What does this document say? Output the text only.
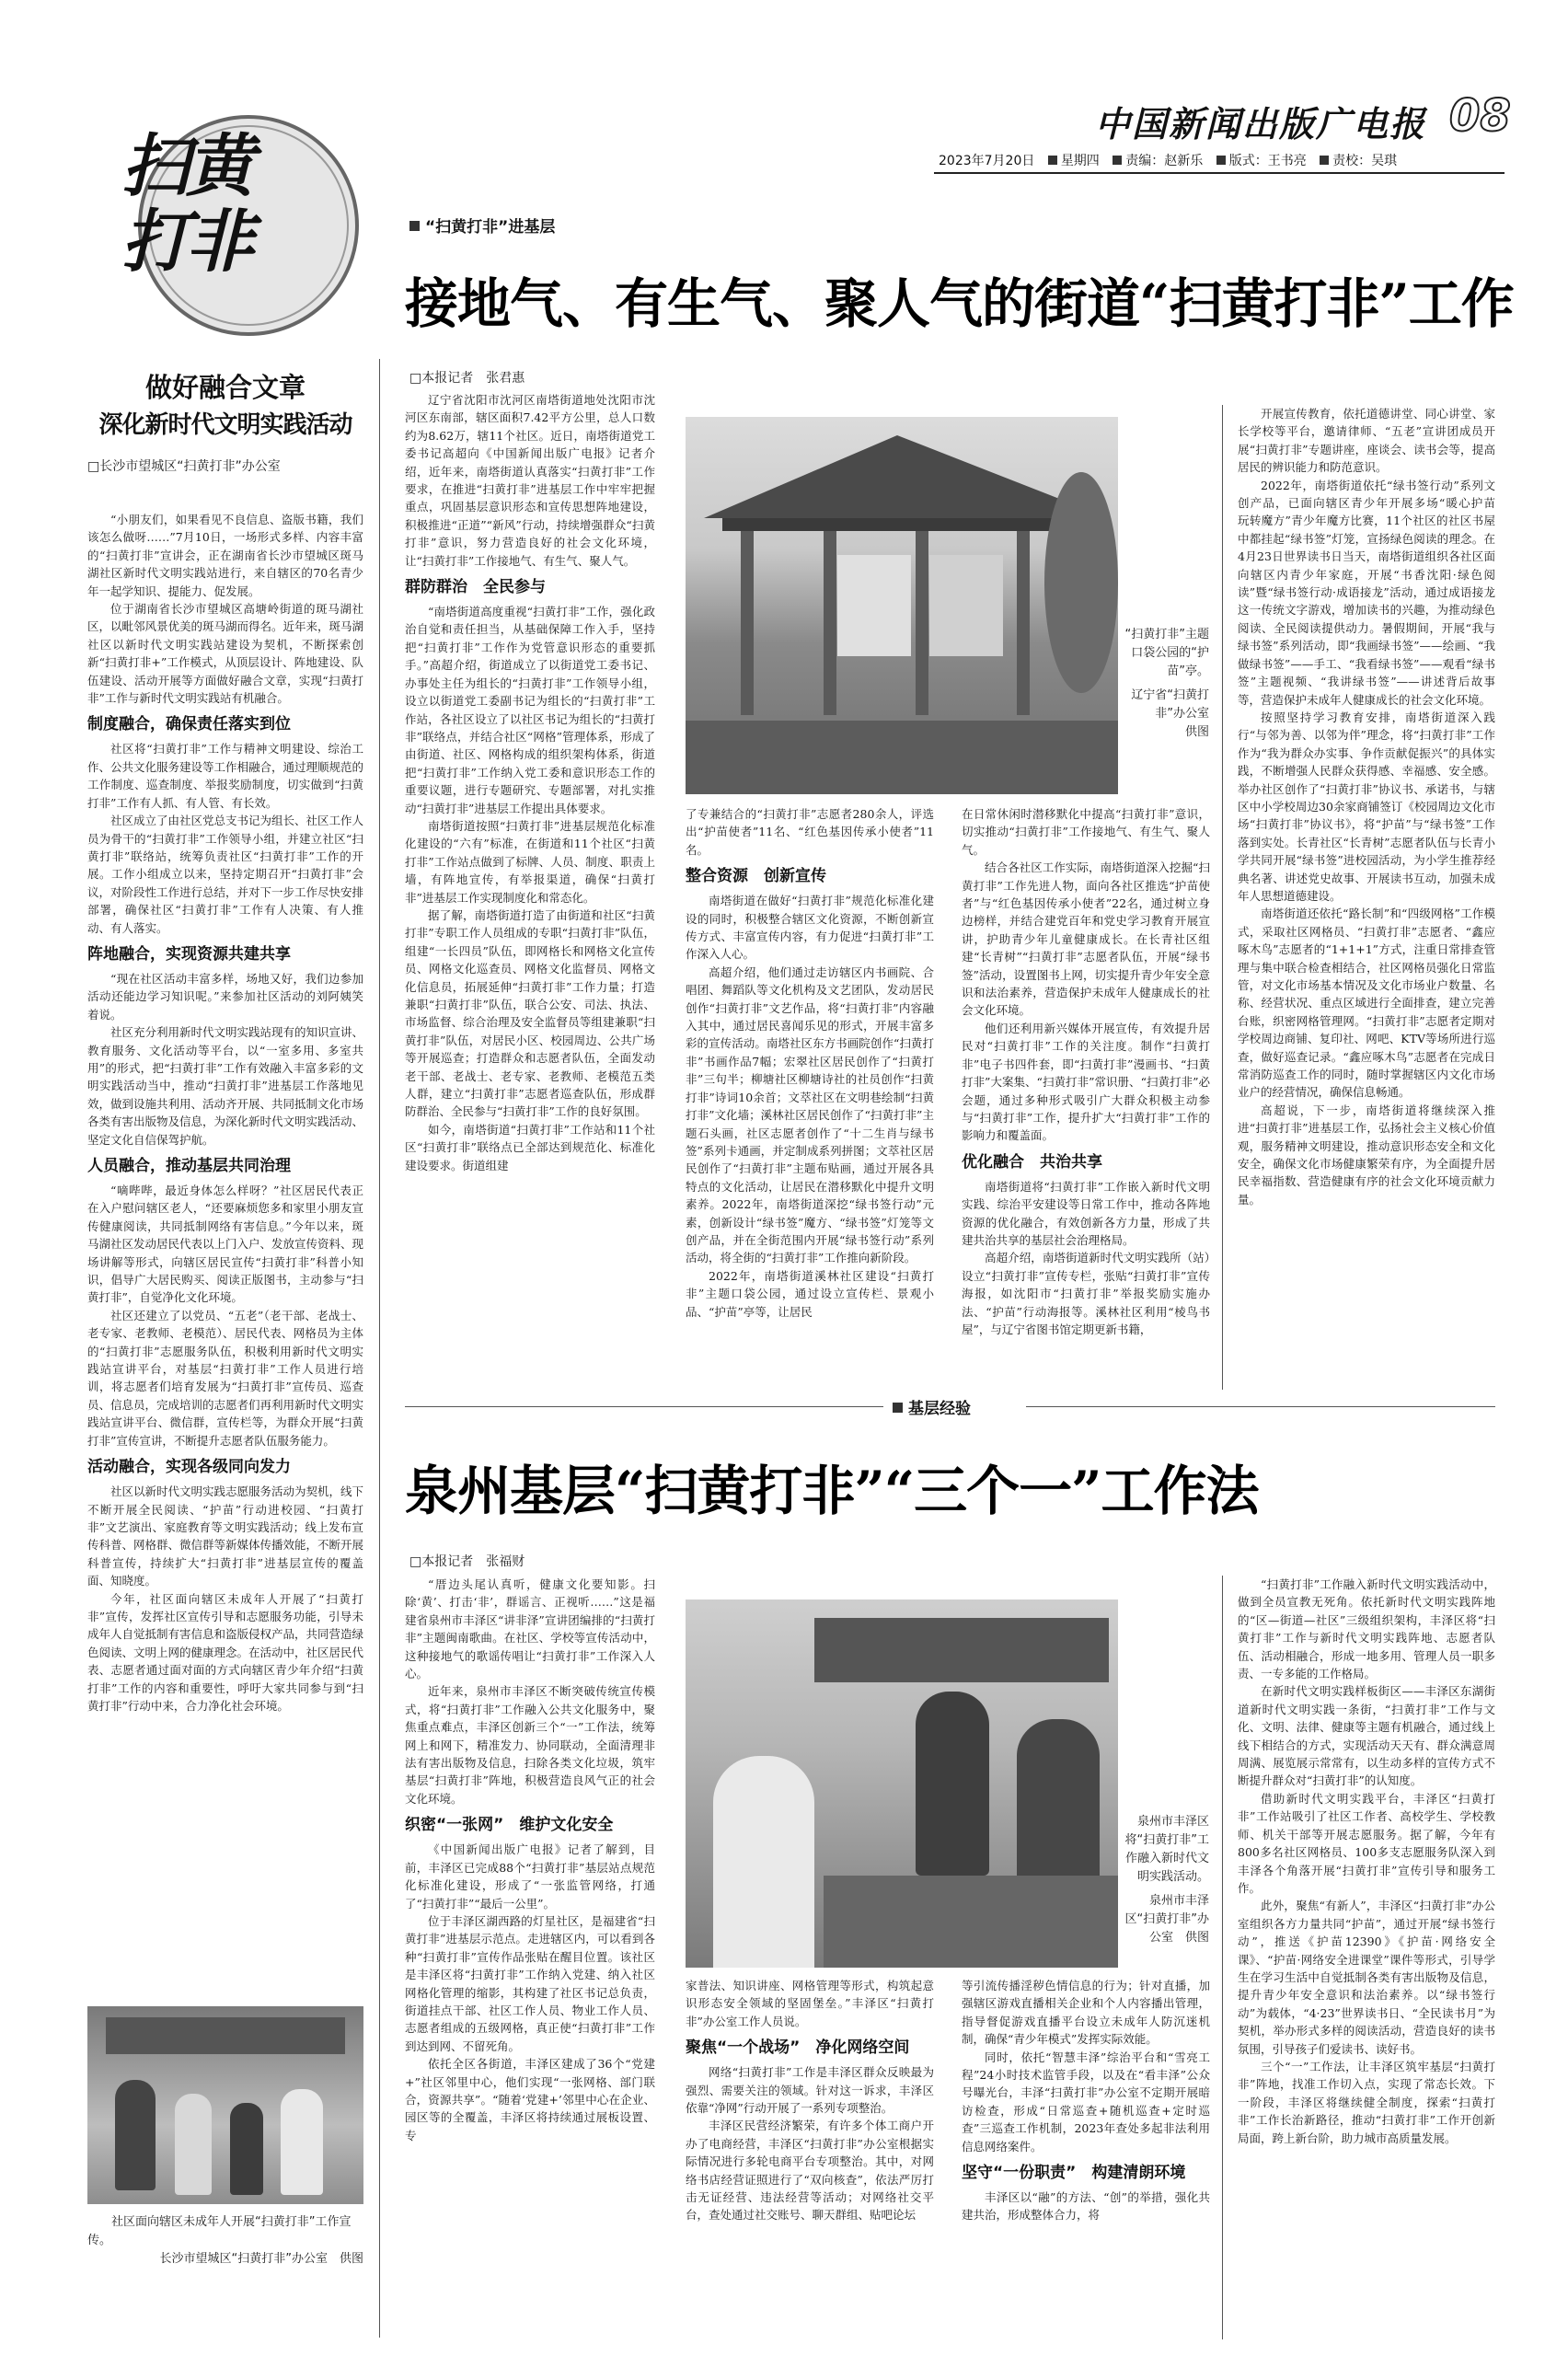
扫黄打非
中国新闻出版广电报 08
2023年7月20日 星期四 责编：赵新乐 版式：王书亮 责校：吴琪
做好融合文章
深化新时代文明实践活动
□长沙市望城区“扫黄打非”办公室

“小朋友们，如果看见不良信息、盗版书籍，我们该怎么做呀……”7月10日，一场形式多样、内容丰富的“扫黄打非”宣讲会，正在湖南省长沙市望城区斑马湖社区新时代文明实践站进行，来自辖区的70名青少年一起学知识、提能力、促发展。

位于湖南省长沙市望城区高塘岭街道的斑马湖社区，以毗邻风景优美的斑马湖而得名。近年来，斑马湖社区以新时代文明实践站建设为契机，不断探索创新“扫黄打非+”工作模式，从顶层设计、阵地建设、队伍建设、活动开展等方面做好融合文章，实现“扫黄打非”工作与新时代文明实践站有机融合。

制度融合，确保责任落实到位

社区将“扫黄打非”工作与精神文明建设、综治工作、公共文化服务建设等工作相融合，通过理顺规范的工作制度、巡查制度、举报奖励制度，切实做到“扫黄打非”工作有人抓、有人管、有长效。

社区成立了由社区党总支书记为组长、社区工作人员为骨干的“扫黄打非”工作领导小组，并建立社区“扫黄打非”联络站，统筹负责社区“扫黄打非”工作的开展。工作小组成立以来，坚持定期召开“扫黄打非”会议，对阶段性工作进行总结，并对下一步工作尽快安排部署，确保社区“扫黄打非”工作有人决策、有人推动、有人落实。

阵地融合，实现资源共建共享

“现在社区活动丰富多样，场地又好，我们边参加活动还能边学习知识呢。”来参加社区活动的刘阿姨笑着说。

社区充分利用新时代文明实践站现有的知识宣讲、教育服务、文化活动等平台，以“一室多用、多室共用”的形式，把“扫黄打非”工作有效融入丰富多彩的文明实践活动当中，推动“扫黄打非”进基层工作落地见效，做到设施共利用、活动齐开展、共同抵制文化市场各类有害出版物及信息，为深化新时代文明实践活动、坚定文化自信保驾护航。

人员融合，推动基层共同治理

“嘀哔哔，最近身体怎么样呀？”社区居民代表正在入户慰问辖区老人，“还要麻烦您多和家里小朋友宣传健康阅读，共同抵制网络有害信息。”今年以来，斑马湖社区发动居民代表以上门入户、发放宣传资料、现场讲解等形式，向辖区居民宣传“扫黄打非”科普小知识，倡导广大居民购买、阅读正版图书，主动参与“扫黄打非”，自觉净化文化环境。

社区还建立了以党员、“五老”（老干部、老战士、老专家、老教师、老模范）、居民代表、网格员为主体的“扫黄打非”志愿服务队伍，积极利用新时代文明实践站宣讲平台，对基层“扫黄打非”工作人员进行培训，将志愿者们培育发展为“扫黄打非”宣传员、巡查员、信息员，完成培训的志愿者们再利用新时代文明实践站宣讲平台、微信群，宣传栏等，为群众开展“扫黄打非”宣传宣讲，不断提升志愿者队伍服务能力。

活动融合，实现各级同向发力

社区以新时代文明实践志愿服务活动为契机，线下不断开展全民阅读、“护苗”行动进校园、“扫黄打非”文艺演出、家庭教育等文明实践活动；线上发布宣传科普、网格群、微信群等新媒体传播效能，不断开展科普宣传，持续扩大“扫黄打非”进基层宣传的覆盖面、知晓度。

今年，社区面向辖区未成年人开展了“扫黄打非”宣传，发挥社区宣传引导和志愿服务功能，引导未成年人自觉抵制有害信息和盗版侵权产品，共同营造绿色阅读、文明上网的健康理念。在活动中，社区居民代表、志愿者通过面对面的方式向辖区青少年介绍“扫黄打非”工作的内容和重要性，呼吁大家共同参与到“扫黄打非”行动中来，合力净化社会环境。

社区面向辖区未成年人开展“扫黄打非”工作宣传。
长沙市望城区“扫黄打非”办公室　供图
“扫黄打非”进基层
接地气、有生气、聚人气的街道“扫黄打非”工作
□本报记者　张君惠

辽宁省沈阳市沈河区南塔街道地处沈阳市沈河区东南部，辖区面积7.42平方公里，总人口数约为8.62万，辖11个社区。近日，南塔街道党工委书记高超向《中国新闻出版广电报》记者介绍，近年来，南塔街道认真落实“扫黄打非”工作要求，在推进“扫黄打非”进基层工作中牢牢把握重点，巩固基层意识形态和宣传思想阵地建设，积极推进“正道”“新风”行动，持续增强群众“扫黄打非”意识，努力营造良好的社会文化环境，让“扫黄打非”工作接地气、有生气、聚人气。

群防群治　全民参与

“南塔街道高度重视“扫黄打非”工作，强化政治自觉和责任担当，从基础保障工作入手，坚持把“扫黄打非”工作作为党管意识形态的重要抓手。”高超介绍，街道成立了以街道党工委书记、办事处主任为组长的“扫黄打非”工作领导小组，设立以街道党工委副书记为组长的“扫黄打非”工作站，各社区设立了以社区书记为组长的“扫黄打非”联络点，并结合社区“网格”管理体系，形成了由街道、社区、网格构成的组织架构体系，街道把“扫黄打非”工作纳入党工委和意识形态工作的重要议题，进行专题研究、专题部署，对扎实推动“扫黄打非”进基层工作提出具体要求。

南塔街道按照“扫黄打非”进基层规范化标准化建设的“六有”标准，在街道和11个社区“扫黄打非”工作站点做到了标牌、人员、制度、职责上墙，有阵地宣传，有举报渠道，确保“扫黄打非”进基层工作实现制度化和常态化。

据了解，南塔街道打造了由街道和社区“扫黄打非”专职工作人员组成的专职“扫黄打非”队伍，组建“一长四员”队伍，即网格长和网格文化宣传员、网格文化巡查员、网格文化监督员、网格文化信息员，拓展延伸“扫黄打非”工作力量；打造兼职“扫黄打非”队伍，联合公安、司法、执法、市场监督、综合治理及安全监督员等组建兼职“扫黄打非”队伍，对居民小区、校园周边、公共广场等开展巡查；打造群众和志愿者队伍，全面发动老干部、老战士、老专家、老教师、老模范五类人群，建立“扫黄打非”志愿者巡查队伍，形成群防群治、全民参与“扫黄打非”工作的良好氛围。

如今，南塔街道“扫黄打非”工作站和11个社区“扫黄打非”联络点已全部达到规范化、标准化建设要求。街道组建

“扫黄打非”主题口袋公园的“护苗”亭。
辽宁省“扫黄打非”办公室
供图

了专兼结合的“扫黄打非”志愿者280余人，评选出“护苗使者”11名、“红色基因传承小使者”11名。

整合资源　创新宣传

南塔街道在做好“扫黄打非”规范化标准化建设的同时，积极整合辖区文化资源，不断创新宣传方式、丰富宣传内容，有力促进“扫黄打非”工作深入人心。

高超介绍，他们通过走访辖区内书画院、合唱团、舞蹈队等文化机构及文艺团队，发动居民创作“扫黄打非”文艺作品，将“扫黄打非”内容融入其中，通过居民喜闻乐见的形式，开展丰富多彩的宣传活动。南塔社区东方书画院创作“扫黄打非”书画作品7幅；宏翠社区居民创作了“扫黄打非”三句半；柳塘社区柳塘诗社的社员创作“扫黄打非”诗词10余首；文萃社区在文明巷绘制“扫黄打非”文化墙；溪林社区居民创作了“扫黄打非”主题石头画，社区志愿者创作了“十二生肖与绿书签”系列卡通画，并定制成系列拼图；文萃社区居民创作了“扫黄打非”主题布贴画，通过开展各具特点的文化活动，让居民在潜移默化中提升文明素养。2022年，南塔街道深挖“绿书签行动”元素，创新设计“绿书签”魔方、“绿书签”灯笼等文创产品，并在全街范围内开展“绿书签行动”系列活动，将全街的“扫黄打非”工作推向新阶段。

2022年，南塔街道溪林社区建设“扫黄打非”主题口袋公园，通过设立宣传栏、景观小品、“护苗”亭等，让居民

在日常休闲时潜移默化中提高“扫黄打非”意识，切实推动“扫黄打非”工作接地气、有生气、聚人气。

结合各社区工作实际，南塔街道深入挖掘“扫黄打非”工作先进人物，面向各社区推选“护苗使者”与“红色基因传承小使者”22名，通过树立身边榜样，并结合建党百年和党史学习教育开展宣讲，护助青少年儿童健康成长。在长青社区组建“长青树”“扫黄打非”志愿者队伍，开展“绿书签”活动，设置图书上网，切实提升青少年安全意识和法治素养，营造保护未成年人健康成长的社会文化环境。

他们还利用新兴媒体开展宣传，有效提升居民对“扫黄打非”工作的关注度。制作“扫黄打非”电子书四件套，即“扫黄打非”漫画书、“扫黄打非”大案集、“扫黄打非”常识册、“扫黄打非”必会题，通过多种形式吸引广大群众积极主动参与“扫黄打非”工作，提升扩大“扫黄打非”工作的影响力和覆盖面。

优化融合　共治共享

南塔街道将“扫黄打非”工作嵌入新时代文明实践、综治平安建设等日常工作中，推动各阵地资源的优化融合，有效创新各方力量，形成了共建共治共享的基层社会治理格局。

高超介绍，南塔街道新时代文明实践所（站）设立“扫黄打非”宣传专栏，张贴“扫黄打非”宣传海报，如沈阳市“扫黄打非”举报奖励实施办法、“护苗”行动海报等。溪林社区利用“棱鸟书屋”，与辽宁省图书馆定期更新书籍，

开展宣传教育，依托道德讲堂、同心讲堂、家长学校等平台，邀请律师、“五老”宣讲团成员开展“扫黄打非”专题讲座，座谈会、读书会等，提高居民的辨识能力和防范意识。

2022年，南塔街道依托“绿书签行动”系列文创产品，已面向辖区青少年开展多场“暖心护苗　玩转魔方”青少年魔方比赛，11个社区的社区书屋中都挂起“绿书签”灯笼，宣扬绿色阅读的理念。在4月23日世界读书日当天，南塔街道组织各社区面向辖区内青少年家庭，开展“书香沈阳·绿色阅读”暨“绿书签行动·成语接龙”活动，通过成语接龙这一传统文字游戏，增加读书的兴趣，为推动绿色阅读、全民阅读提供动力。暑假期间，开展“我与绿书签”系列活动，即“我画绿书签”——绘画、“我做绿书签”——手工、“我看绿书签”——观看“绿书签”主题视频、“我讲绿书签”——讲述背后故事等，营造保护未成年人健康成长的社会文化环境。

按照坚持学习教育安排，南塔街道深入践行“与邻为善、以邻为伴”理念，将“扫黄打非”工作作为“我为群众办实事、争作贡献促振兴”的具体实践，不断增强人民群众获得感、幸福感、安全感。举办社区创作了“扫黄打非”协议书、承诺书，与辖区中小学校周边30余家商铺签订《校园周边文化市场“扫黄打非”协议书》，将“护苗”与“绿书签”工作落到实处。长青社区“长青树”志愿者队伍与长青小学共同开展“绿书签”进校园活动，为小学生推荐经典名著、讲述党史故事、开展读书互动，加强未成年人思想道德建设。

南塔街道还依托“路长制”和“四级网格”工作模式，采取社区网格员、“扫黄打非”志愿者、“鑫应啄木鸟”志愿者的“1+1+1”方式，注重日常排查管理与集中联合检查相结合，社区网格员强化日常监管，对文化市场基本情况及文化市场业户数量、名称、经营状况、重点区域进行全面排查，建立完善台账，织密网格管理网。“扫黄打非”志愿者定期对学校周边商铺、复印社、网吧、KTV等场所进行巡查，做好巡查记录。“鑫应啄木鸟”志愿者在完成日常消防巡查工作的同时，随时掌握辖区内文化市场业户的经营情况，确保信息畅通。

高超说，下一步，南塔街道将继续深入推进“扫黄打非”进基层工作，弘扬社会主义核心价值观，服务精神文明建设，推动意识形态安全和文化安全，确保文化市场健康繁荣有序，为全面提升居民幸福指数、营造健康有序的社会文化环境贡献力量。

基层经验
泉州基层“扫黄打非”“三个一”工作法
□本报记者　张福财

“厝边头尾认真听，健康文化要知影。扫除‘黄’、打击‘非’，群谣言、正视听……”这是福建省泉州市丰泽区“讲非泽”宣讲团编排的“扫黄打非”主题闽南歌曲。在社区、学校等宣传活动中，这种接地气的歌谣传唱让“扫黄打非”工作深入人心。

近年来，泉州市丰泽区不断突破传统宣传模式，将“扫黄打非”工作融入公共文化服务中，聚焦重点难点，丰泽区创新三个“一”工作法，统筹网上和网下，精准发力、协同联动，全面清理非法有害出版物及信息，扫除各类文化垃圾，筑牢基层“扫黄打非”阵地，积极营造良风气正的社会文化环境。

织密“一张网”　维护文化安全

《中国新闻出版广电报》记者了解到，目前，丰泽区已完成88个“扫黄打非”基层站点规范化标准化建设，形成了“一张监管网络，打通了“扫黄打非”“最后一公里”。

位于丰泽区湖西路的灯星社区，是福建省“扫黄打非”进基层示范点。走进辖区内，可以看到各种“扫黄打非”宣传作品张贴在醒目位置。该社区是丰泽区将“扫黄打非”工作纳入党建、纳入社区网格化管理的缩影，其构建了社区书记总负责，街道挂点干部、社区工作人员、物业工作人员、志愿者组成的五级网格，真正使“扫黄打非”工作到达到网、不留死角。

依托全区各街道，丰泽区建成了36个“党建+”社区邻里中心，他们实现“一张网格、部门联合，资源共享”。“随着‘党建+’邻里中心在企业、园区等的全覆盖，丰泽区将持续通过展板设置、专

泉州市丰泽区将“扫黄打非”工作融入新时代文明实践活动。
泉州市丰泽区“扫黄打非”办公室　供图

家普法、知识讲座、网格管理等形式，构筑起意识形态安全领域的坚固堡垒。”丰泽区“扫黄打非”办公室工作人员说。

聚焦“一个战场”　净化网络空间

网络“扫黄打非”工作是丰泽区群众反映最为强烈、需要关注的领域。针对这一诉求，丰泽区依靠“净网”行动开展了一系列专项整治。

丰泽区民营经济繁荣，有许多个体工商户开办了电商经营，丰泽区“扫黄打非”办公室根据实际情况进行多轮电商平台专项整治。其中，对网络书店经营证照进行了“双向核查”，依法严厉打击无证经营、违法经营等活动；对网络社交平台，查处通过社交账号、聊天群组、贴吧论坛

等引流传播淫秽色情信息的行为；针对直播，加强辖区游戏直播相关企业和个人内容播出管理，指导督促游戏直播平台设立未成年人防沉迷机制，确保“青少年模式”发挥实际效能。

同时，依托“智慧丰泽”综治平台和“雪亮工程”24小时技术监管手段，以及在“看丰泽”公众号曝光台，丰泽“扫黄打非”办公室不定期开展暗访检查，形成“日常巡查+随机巡查+定时巡查”三巡查工作机制，2023年查处多起非法利用信息网络案件。

坚守“一份职责”　构建清朗环境

丰泽区以“融”的方法、“创”的举措，强化共建共治，形成整体合力，将

“扫黄打非”工作融入新时代文明实践活动中，做到全员宣教无死角。依托新时代文明实践阵地的“区—街道—社区”三级组织架构，丰泽区将“扫黄打非”工作与新时代文明实践阵地、志愿者队伍、活动相融合，形成一地多用、管理人员一职多责、一专多能的工作格局。

在新时代文明实践样板街区——丰泽区东湖街道新时代文明实践一条街，“扫黄打非”工作与文化、文明、法律、健康等主题有机融合，通过线上线下相结合的方式，实现活动天天有、群众满意周周满、展览展示常常有，以生动多样的宣传方式不断提升群众对“扫黄打非”的认知度。

借助新时代文明实践平台，丰泽区“扫黄打非”工作站吸引了社区工作者、高校学生、学校教师、机关干部等开展志愿服务。据了解，今年有800多名社区网格员、100多支志愿服务队深入到丰泽各个角落开展“扫黄打非”宣传引导和服务工作。

此外，聚焦“有新人”，丰泽区“扫黄打非”办公室组织各方力量共同“护苗”，通过开展“绿书签行动”，推送《护苗12390》《护苗·网络安全课》、“护苗·网络安全进课堂”课件等形式，引导学生在学习生活中自觉抵制各类有害出版物及信息，提升青少年安全意识和法治素养。以“绿书签行动”为载体，“4·23”世界读书日、“全民读书月”为契机，举办形式多样的阅读活动，营造良好的读书氛围，引导孩子们爱读书、读好书。

三个“一”工作法，让丰泽区筑牢基层“扫黄打非”阵地，找准工作切入点，实现了常态长效。下一阶段，丰泽区将继续健全制度，探索“扫黄打非”工作长治新路径，推动“扫黄打非”工作开创新局面，跨上新台阶，助力城市高质量发展。
